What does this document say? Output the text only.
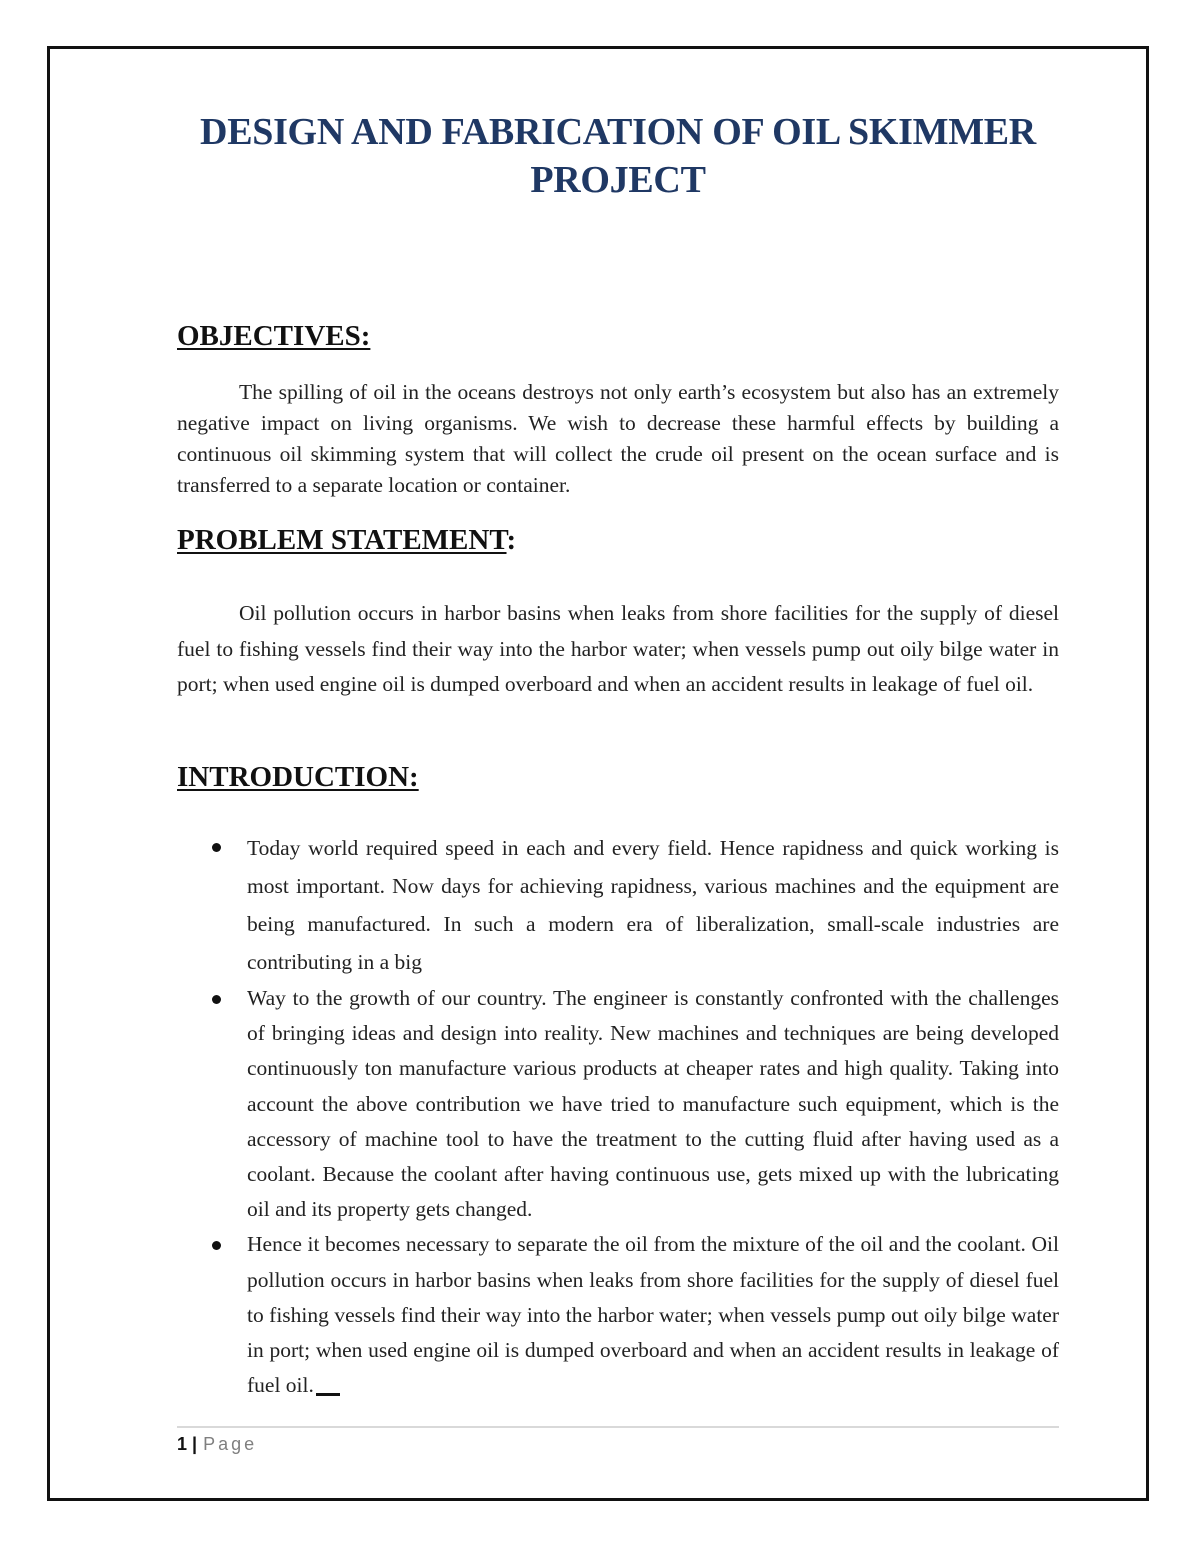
DESIGN AND FABRICATION OF OIL SKIMMER
PROJECT
OBJECTIVES:

The spilling of oil in the oceans destroys not only earth’s ecosystem but also has an extremely negative impact on living organisms. We wish to decrease these harmful effects by building a continuous oil skimming system that will collect the crude oil present on the ocean surface and is transferred to a separate location or container.

PROBLEM STATEMENT:

Oil pollution occurs in harbor basins when leaks from shore facilities for the supply of diesel fuel to fishing vessels find their way into the harbor water; when vessels pump out oily bilge water in port; when used engine oil is dumped overboard and when an accident results in leakage of fuel oil.

INTRODUCTION:
Today world required speed in each and every field. Hence rapidness and quick working is most important. Now days for achieving rapidness, various machines and the equipment are being manufactured. In such a modern era of liberalization, small-scale industries are contributing in a big
Way to the growth of our country. The engineer is constantly confronted with the challenges of bringing ideas and design into reality. New machines and techniques are being developed continuously ton manufacture various products at cheaper rates and high quality. Taking into account the above contribution we have tried to manufacture such equipment, which is the accessory of machine tool to have the treatment to the cutting fluid after having used as a coolant. Because the coolant after having continuous use, gets mixed up with the lubricating oil and its property gets changed.
Hence it becomes necessary to separate the oil from the mixture of the oil and the coolant. Oil pollution occurs in harbor basins when leaks from shore facilities for the supply of diesel fuel to fishing vessels find their way into the harbor water; when vessels pump out oily bilge water in port; when used engine oil is dumped overboard and when an accident results in leakage of fuel oil.
1 | Page
